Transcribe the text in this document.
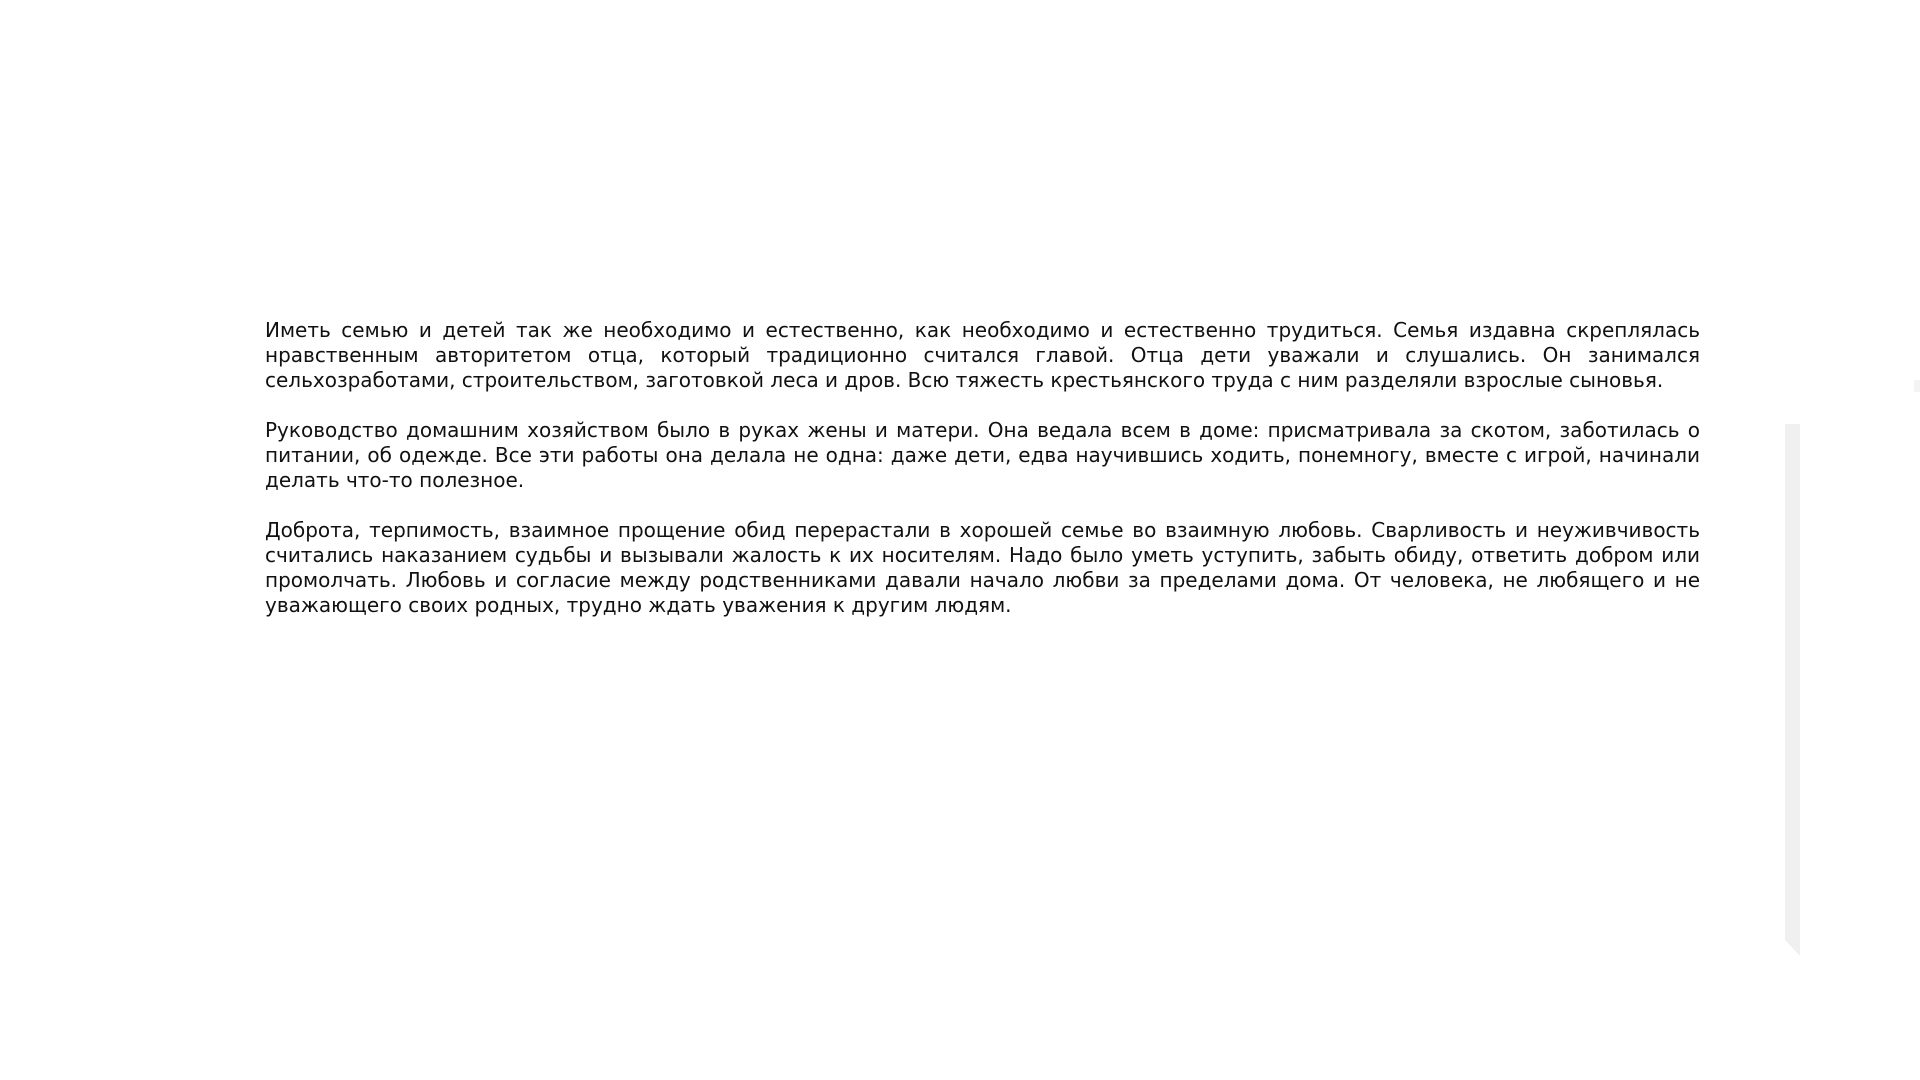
Иметь семью и детей так же необходимо и естественно, как необходимо и естественно трудиться. Семья издавна скреплялась нравственным авторитетом отца, который традиционно считался главой. Отца дети уважали и слушались. Он занимался сельхозработами, строительством, заготовкой леса и дров. Всю тяжесть крестьянского труда с ним разделяли взрослые сыновья.

Руководство домашним хозяйством было в руках жены и матери. Она ведала всем в доме: присматривала за скотом, заботилась о питании, об одежде. Все эти работы она делала не одна: даже дети, едва научившись ходить, понемногу, вместе с игрой, начинали делать что-то полезное.

Доброта, терпимость, взаимное прощение обид перерастали в хорошей семье во взаимную любовь. Сварливость и неуживчивость считались наказанием судьбы и вызывали жалость к их носителям. Надо было уметь уступить, забыть обиду, ответить добром или промолчать. Любовь и согласие между родственниками давали начало любви за пределами дома. От человека, не любящего и не уважающего своих родных, трудно ждать уважения к другим людям.
